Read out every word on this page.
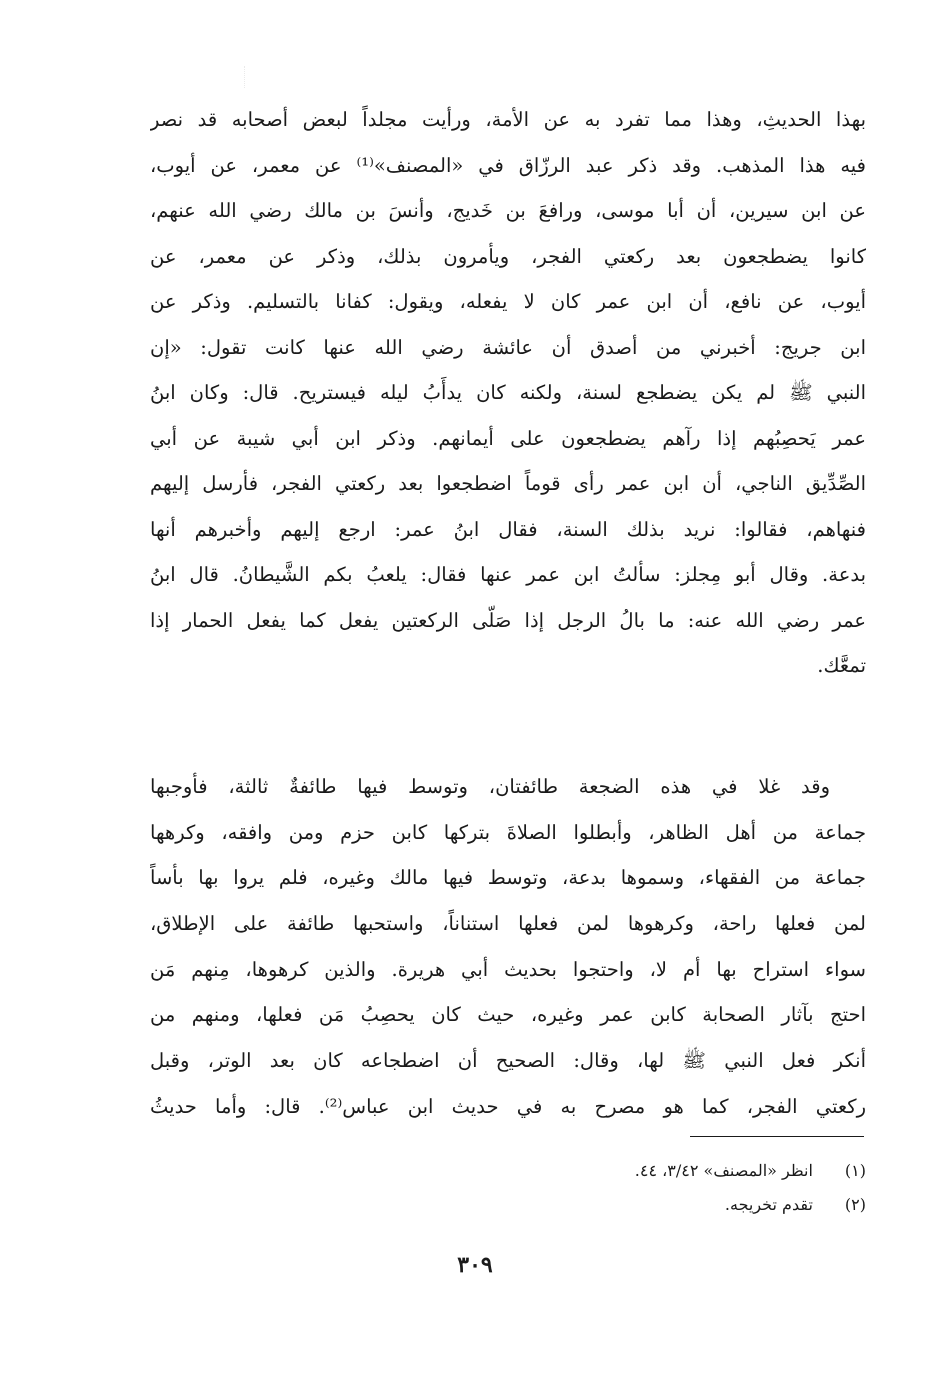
بهذا الحديثِ، وهذا مما تفرد به عن الأمة، ورأيت مجلداً لبعض أصحابه قد نصر
فيه هذا المذهب. وقد ذكر عبد الرزّاق في «المصنف»⁽¹⁾ عن معمر، عن أيوب،
عن ابن سيرين، أن أبا موسى، ورافعَ بن خَديج، وأنسَ بن مالك رضي الله عنهم،
كانوا يضطجعون بعد ركعتي الفجر، ويأمرون بذلك، وذكر عن معمر، عن
أيوب، عن نافع، أن ابن عمر كان لا يفعله، ويقول: كفانا بالتسليم. وذكر عن
ابن جريج: أخبرني من أصدق أن عائشة رضي الله عنها كانت تقول: «إن
النبي ﷺ لم يكن يضطجع لسنة، ولكنه كان يدأَبُ ليله فيستريح. قال: وكان ابنُ
عمر يَحصِبُهم إذا رآهم يضطجعون على أيمانهم. وذكر ابن أبي شيبة عن أبي
الصِّدِّيق الناجي، أن ابن عمر رأى قوماً اضطجعوا بعد ركعتي الفجر، فأرسل إليهم
فنهاهم، فقالوا: نريد بذلك السنة، فقال ابنُ عمر: ارجع إليهم وأخبرهم أنها
بدعة. وقال أبو مِجلز: سألتُ ابن عمر عنها فقال: يلعبُ بكم الشَّيطانُ. قال ابنُ
عمر رضي الله عنه: ما بالُ الرجل إذا صَلّى الركعتين يفعل كما يفعل الحمار إذا
تمعَّك.
وقد غلا في هذه الضجعة طائفتان، وتوسط فيها طائفةٌ ثالثة، فأوجبها
جماعة من أهل الظاهر، وأبطلوا الصلاةَ بتركها كابن حزم ومن وافقه، وكرهها
جماعة من الفقهاء، وسموها بدعة، وتوسط فيها مالك وغيره، فلم يروا بها بأساً
لمن فعلها راحة، وكرهوها لمن فعلها استناناً، واستحبها طائفة على الإطلاق،
سواء استراح بها أم لا، واحتجوا بحديث أبي هريرة. والذين كرهوها، مِنهم مَن
احتج بآثار الصحابة كابن عمر وغيره، حيث كان يحصِبُ مَن فعلها، ومنهم من
أنكر فعل النبي ﷺ لها، وقال: الصحيح أن اضطجاعه كان بعد الوتر، وقبل
ركعتي الفجر، كما هو مصرح به في حديث ابن عباس⁽²⁾. قال: وأما حديثُ
(١) انظر «المصنف» ٣/٤٢، ٤٤.
(٢) تقدم تخريجه.
٣٠٩
